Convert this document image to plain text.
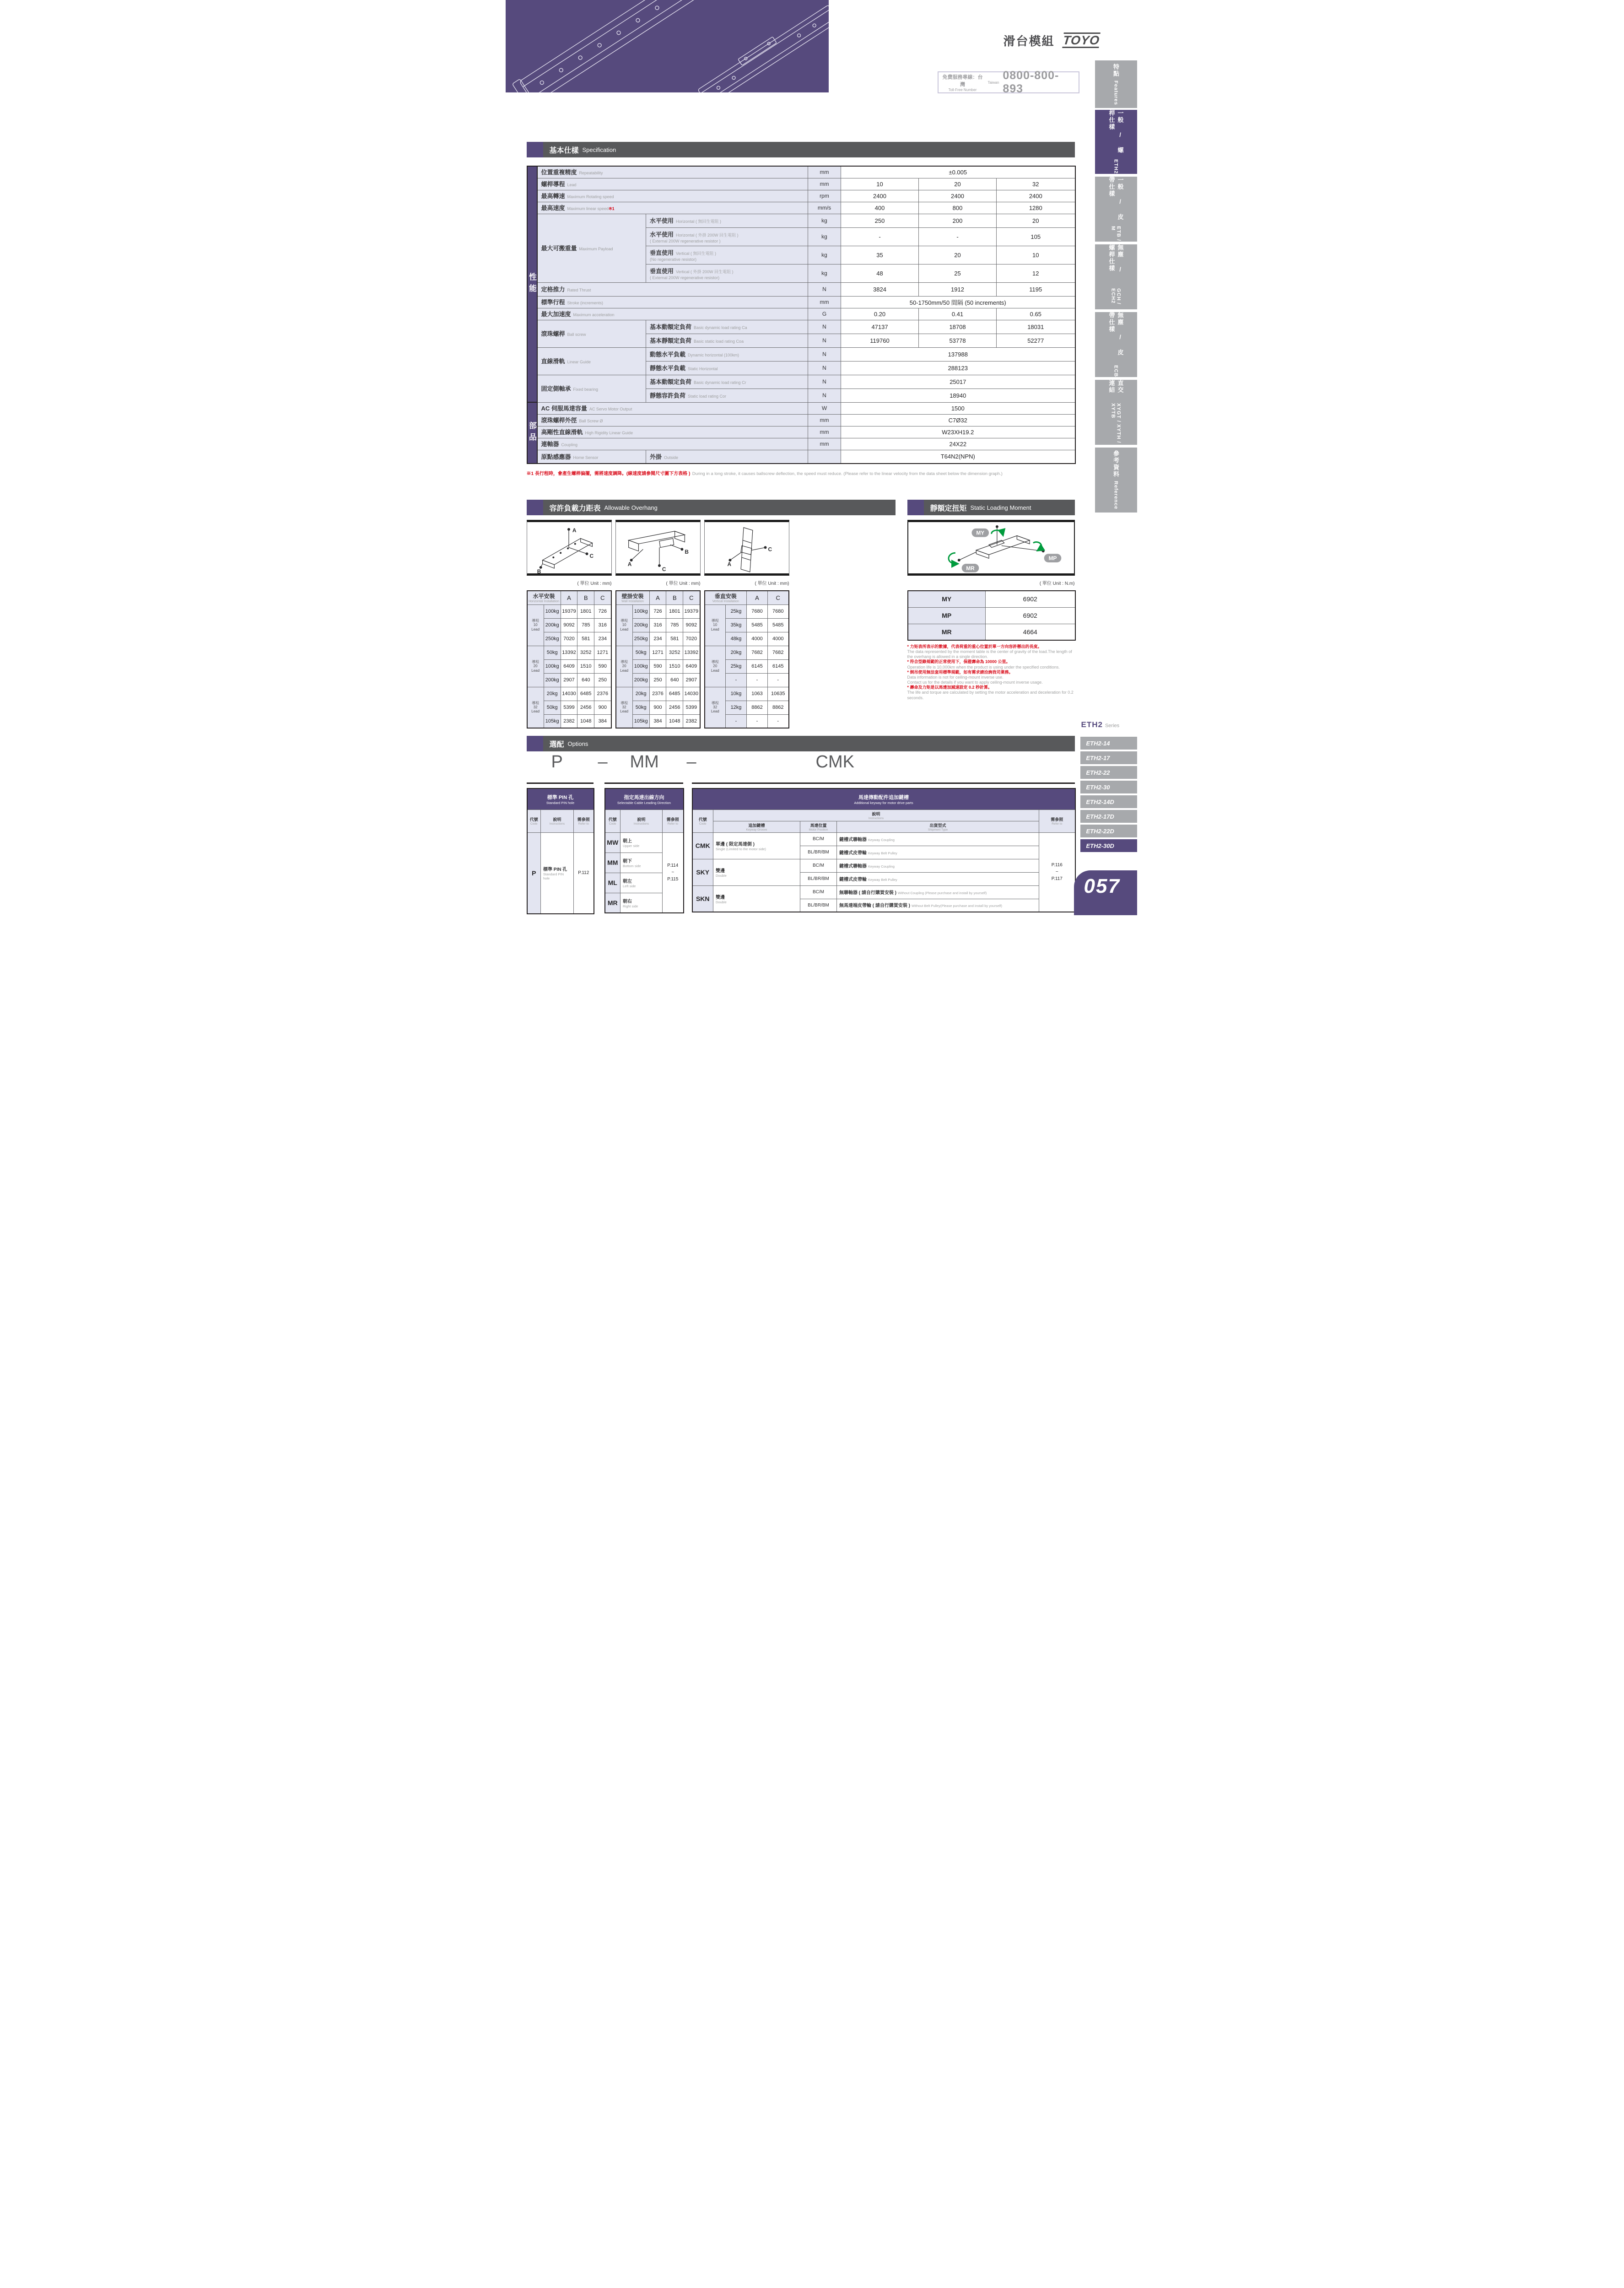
滑台模組 TOYO
免費服務專線：台灣
Toll-Free Number
Taiwan
0800-800-893
特點
Features
一般 / 螺桿仕樣
ETH2
一般 / 皮帶仕樣
ETB / M
無塵 / 螺桿仕樣
GCH / ECH2
無塵 / 皮帶仕樣
ECB
直交連結
XYGT / XYTH / XYTB
參考資料
Reference
基本仕樣 Specification
性能	位置重複精度 Repeatability		mm	±0.005		
	螺桿導程 Lead		mm	10	20	32
	最高轉速 Maximum Rotating speed		rpm	2400	2400	2400
	最高速度 Maximum linear speed※1		mm/s	400	800	1280
	最大可搬重量 Maximum Payload	水平使用 Horizontal ( 無回生電阻 )	kg	250	200	20
		水平使用 Horizontal ( 外掛 200W 回生電阻 )
( External 200W regenerative resistor )	kg	-	-	105
		垂直使用 Vertical ( 無回生電阻 )
(No regenerative resistor)	kg	35	20	10
		垂直使用 Vertical ( 外掛 200W 回生電阻 )
( External 200W regenerative resistor)	kg	48	25	12
	定格推力 Rated Thrust		N	3824	1912	1195
	標準行程 Stroke (increments)		mm	50-1750mm/50 間隔 (50 increments)		
	最大加速度 Maximum acceleration		G	0.20	0.41	0.65
	滾珠螺桿 Ball screw	基本動額定負荷 Basic dynamic load rating Ca	N	47137	18708	18031
		基本靜額定負荷 Basic static load rating Coa	N	119760	53778	52277
	直線滑軌 Linear Guide	動態水平負載 Dynamic horizontal (100km)	N	137988		
		靜態水平負載 Static Horizontal	N	288123		
	固定側軸承 Fixed bearing	基本動額定負荷 Basic dynamic load rating Cr	N	25017		
		靜態容許負荷 Static load rating Cor	N	18940		
部品	AC 伺服馬達容量 AC Servo Motor Output		W	1500		
	滾珠螺桿外徑 Ball Screw Ø		mm	C7Ø32		
	高剛性直線滑軌 High Rigidity Linear Guide		mm	W23XH19.2		
	連軸器 Coupling		mm	24X22		
	原點感應器 Home Sensor	外掛 Outside		T64N2(NPN)		
※1 長行程時，會產生螺桿偏擺，需將速度調降。(線速度請參閱尺寸圖下方表格 ) During in a long stroke, it causes ballscrew deflection, the speed must reduce. (Please refer to the linear velocity from the data sheet below the dimension graph.)
容許負載力距表 Allowable Overhang
A
B
C
A
B
C
A
C
( 單位 Unit : mm)	( 單位 Unit : mm)	( 單位 Unit : mm)
水平安裝
Horizontal Installation		A	B	C

導程
10
Lead	100kg	19379	1801	726
	200kg	9092	785	316
	250kg	7020	581	234

導程
20
Lead	50kg	13392	3252	1271
	100kg	6409	1510	590
	200kg	2907	640	250

導程
32
Lead	20kg	14030	6485	2376
	50kg	5399	2456	900
	105kg	2382	1048	384
壁掛安裝
Wall Installation		A	B	C

導程
10
Lead	100kg	726	1801	19379
	200kg	316	785	9092
	250kg	234	581	7020

導程
20
Lead	50kg	1271	3252	13392
	100kg	590	1510	6409
	200kg	250	640	2907

導程
32
Lead	20kg	2376	6485	14030
	50kg	900	2456	5399
	105kg	384	1048	2382
垂直安裝
Vertical Installation		A	C

導程
10
Lead	25kg	7680	7680
	35kg	5485	5485
	48kg	4000	4000

導程
20
Lead	20kg	7682	7682
	25kg	6145	6145
	-	-	-

導程
32
Lead	10kg	1063	10635
	12kg	8862	8862
	-	-	-
靜額定扭矩 Static Loading Moment
MY
MP
MR
( 單位 Unit : N.m)
MY	6902
MP	6902
MR	4664
* 力矩表所表示的數據，代表荷重的重心位置於單一方向容許懸出的長度。
The data represented by the moment table is the center of gravity of the load.The length of the overhang is allowed in a single direction.
* 符合型錄規範的正常使用下，保證壽命為 10000 公里。
Operation life is 10,000km when the product is using under the specified conditions.
* 倒吊使用無法套用標準規範，如有需求請洽詢我司業務。
Data information is not for ceiling-mount inverse use.
Contact us for the details if you want to apply ceiling-mount inverse usage.
* 壽命及力矩是以馬達加減速設定 0.2 秒計算。
The life and torque are calculated by setting the motor acceleration and deceleration for 0.2 seconds.
選配 Options
P – MM –	CMK
標準 PIN 孔
Standard PIN hole		

代號
Code	說明
Instructions	需參照
Refer to

P	標準 PIN 孔
Standard PIN hole	P.112
指定馬達出線方向
Selectable Cable Leading Direction		

代號
Code	說明
Instructions	需參照
Refer to

MW	朝上
Upper side

P.114
~
P.115

MM	朝下
Bottom side	

ML	朝左
Left side	

MR	朝右
Right side	
馬達傳動配件追加鍵槽
Additional keyway for motor drive parts				

代號
Code	說明
Instructions			需參照
Refer to

	追加鍵槽
Keyway Groove	馬達位置
Motor Position	出貨型式
Shipment Type	

CMK	單邊 ( 限定馬達側 )
Single (Limited to the motor side)
	BC/M	鍵槽式聯軸器 Keyway Coupling	
P.116
~
P.117

		BL/BR/BM	鍵槽式皮帶輪 Keyway Belt Pulley	
SKY	雙邊
Double	BC/M	鍵槽式聯軸器 Keyway Coupling	
		BL/BR/BM	鍵槽式皮帶輪 Keyway Belt Pulley	
SKN	雙邊
Double	BC/M	無聯軸器 ( 請自行購買安裝 ) Without Coupling (Please purchase and install by yourself)	
		BL/BR/BM	無馬達端皮帶輪 ( 請自行購買安裝 ) Without Belt Pulley(Please purchase and install by yourself)	
ETH2 Series
ETH2-14
ETH2-17
ETH2-22
ETH2-30
ETH2-14D
ETH2-17D
ETH2-22D
ETH2-30D
057
